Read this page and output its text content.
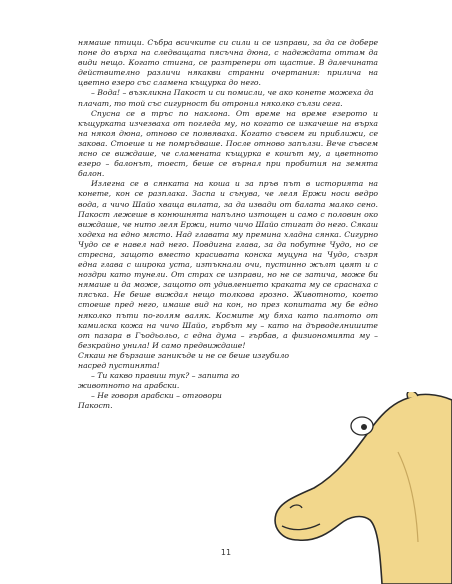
нямаше птици. Събра всичките си сили и се изправи, за да се добере поне до върха на следващата пясъчна дюна, с надеждата оттам да види нещо. Когато стигна, се разтрепери от щастие. В далечината действително различи някакви странни очертания: прилича на цветно езеро със сламена къщурка до него.

– Вода! – възкликна Пакост и си помисли, че ако конете можеха да плачат, то той със сигурност би отронил няколко сълзи сега.

Спусна се в тръс по наклона. От време на време езерото и къщурката изчезваха от погледа му, но когато се изкачеше на върха на някоя дюна, отново се появяваха. Когато съвсем ги приближи, се закова. Стоеше и не помръдваше. После отново запълзи. Вече съвсем ясно се виждаше, че сламената къщурка е кошът му, а цветното езеро – балонът, тоест, беше се върнал при пробития на земята балон.

Излегна се в сянката на коша и за пръв път в историята на конете, кон се разплака. Заспа и сънува, че леля Ержи носи ведро вода, а чичо Шайо хваща вилата, за да извади от балата малко сено. Пакост лежеше в конюшнята напълно изтощен и само с половин око виждаше, че нито леля Ержи, нито чичо Шайо стигат до него. Сякаш ходеха на едно място. Над главата му премина хладна сянка. Сигурно Чудо се е навел над него. Повдигна глава, за да побутне Чудо, но се стресна, защото вместо красивата конска муцуна на Чудо, съзря една глава с широка уста, изтъкнали очи, пустинно жълт цвят и с ноздри като тунели. От страх се изправи, но не се затича, може би нямаше и да може, защото от удивлението краката му се сраснаха с пясъка. Не беше виждал нещо толкова грозно. Животното, което стоеше пред него, имаше вид на кон, но през копитата му бе едно няколко пъти по-голям валяк. Космите му бяха като палтото от камилска кожа на чичо Шайо, гърбът му – като на дърводелнишите от пазара в Гъодьольо, с една дума – гърбав, а физиономията му – безкрайно унила! И само предвиждаше!

Сякаш не бързаше заникъде и не се беше изгубило насред пустинята!

– Ти какво правиш тук? – запита го животното на арабски.

– Не говоря арабски – отговори Пакост.

11
